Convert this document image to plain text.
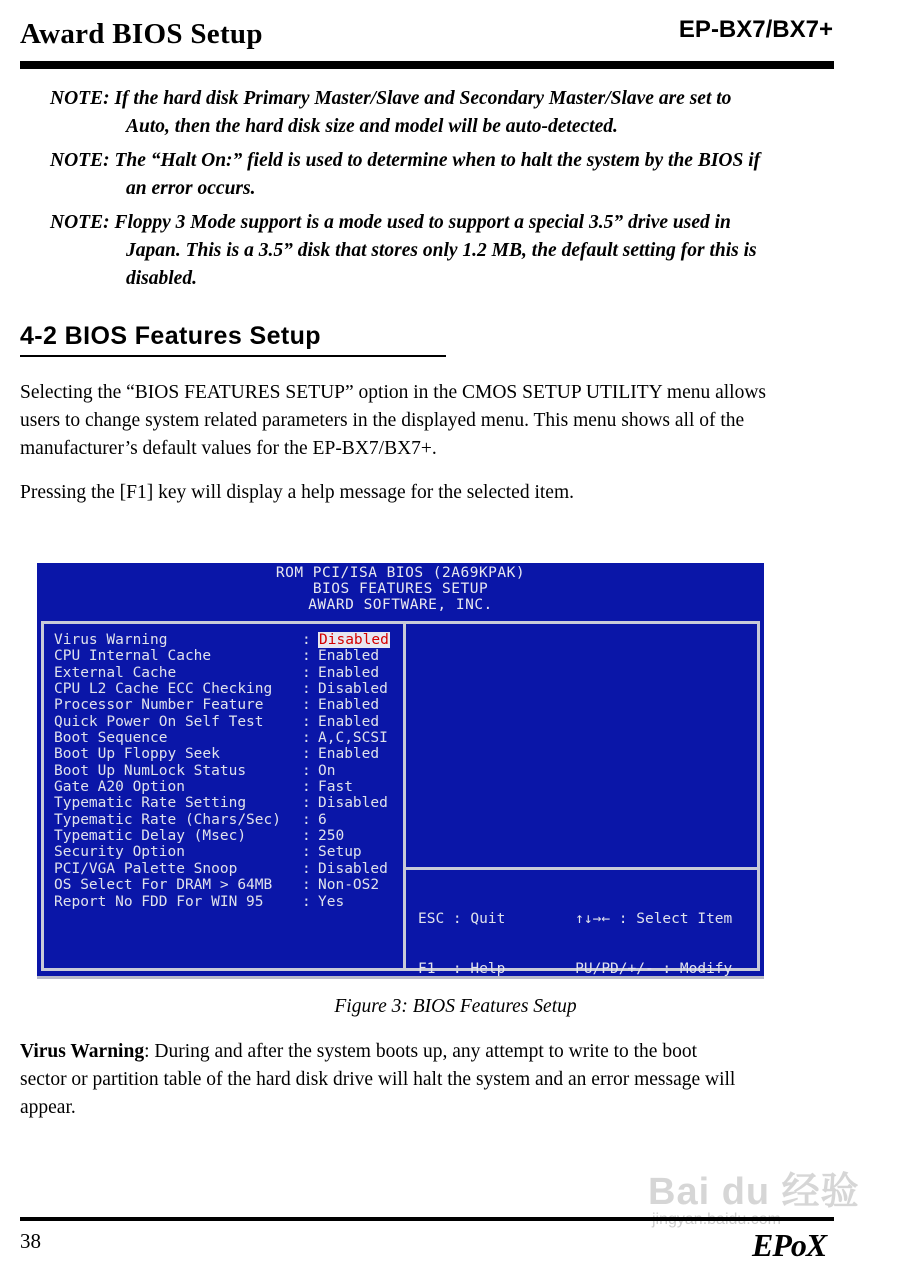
Award BIOS Setup	EP-BX7/BX7+
NOTE: If the hard disk Primary Master/Slave and Secondary Master/Slave are set to
Auto, then the hard disk size and model will be auto-detected.
NOTE: The “Halt On:” field is used to determine when to halt the system by the BIOS if
an error occurs.
NOTE: Floppy 3 Mode support is a mode used to support a special 3.5” drive used in
Japan. This is a 3.5” disk that stores only 1.2 MB, the default setting for this is
disabled.
4-2 BIOS Features Setup
Selecting the “BIOS FEATURES SETUP” option in the CMOS SETUP UTILITY menu allows
users to change system related parameters in the displayed menu. This menu shows all of the
manufacturer’s default values for the EP-BX7/BX7+.
Pressing the [F1] key will display a help message for the selected item.
ROM PCI/ISA BIOS (2A69KPAK)
BIOS FEATURES SETUP
AWARD SOFTWARE, INC.
Virus Warning	: Disabled
CPU Internal Cache	: Enabled
External Cache	: Enabled
CPU L2 Cache ECC Checking : Disabled
Processor Number Feature	: Enabled
Quick Power On Self Test	: Enabled
Boot Sequence	: A,C,SCSI
Boot Up Floppy Seek	: Enabled
Boot Up NumLock Status	: On
Gate A20 Option	: Fast
Typematic Rate Setting	: Disabled
Typematic Rate (Chars/Sec) : 6
Typematic Delay (Msec)	: 250
Security Option	: Setup
PCI/VGA Palette Snoop	: Disabled
OS Select For DRAM > 64MB : Non-OS2
Report No FDD For WIN 95	: Yes

ESC : Quit        ↑↓→← : Select Item

F1  : Help        PU/PD/+/- : Modify

Figure 3: BIOS Features Setup
Virus Warning: During and after the system boots up, any attempt to write to the boot
sector or partition table of the hard disk drive will halt the system and an error message will
appear.
Bai du 经验
38	EPoX
